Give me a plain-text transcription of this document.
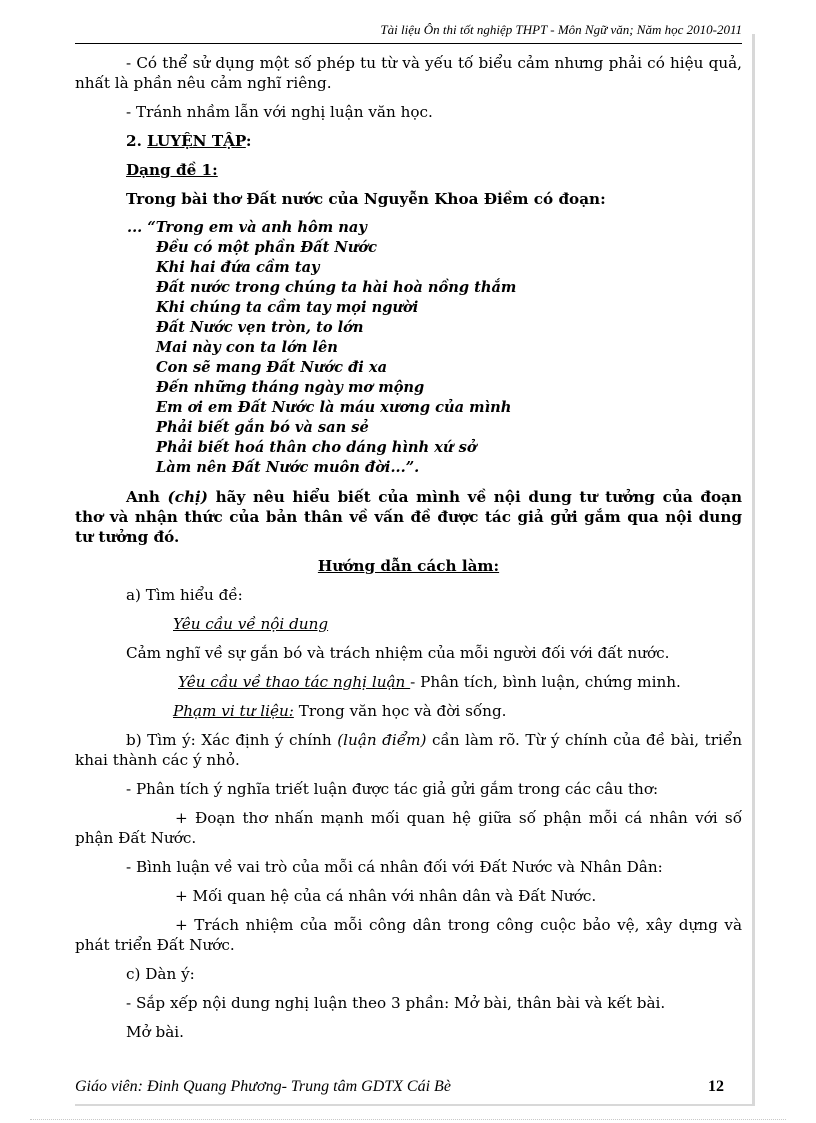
Tài liệu Ôn thi tốt nghiệp THPT - Môn Ngữ văn; Năm học 2010-2011

- Có thể sử dụng một số phép tu từ và yếu tố biểu cảm nhưng phải có hiệu quả, nhất là phần nêu cảm nghĩ riêng.

- Tránh nhầm lẫn với nghị luận văn học.

2. LUYỆN TẬP:

Dạng đề 1:

Trong bài thơ Đất nước của Nguyễn Khoa Điềm có đoạn:

... “Trong em và anh hôm nay
Đều có một phần Đất Nước
Khi hai đứa cầm tay
Đất nước trong chúng ta hài hoà nồng thắm
Khi chúng ta cầm tay mọi người
Đất Nước vẹn tròn, to lớn
Mai này con ta lớn lên
Con sẽ mang Đất Nước đi xa
Đến những tháng ngày mơ mộng
Em ơi em Đất Nước là máu xương của mình
Phải biết gắn bó và san sẻ
Phải biết hoá thân cho dáng hình xứ sở
Làm nên Đất Nước muôn đời...”.

Anh (chị) hãy nêu hiểu biết của mình về nội dung tư tưởng của đoạn thơ và nhận thức của bản thân về vấn đề được tác giả gửi gắm qua nội dung tư tưởng đó.

Hướng dẫn cách làm:

a) Tìm hiểu đề:

Yêu cầu về nội dung

Cảm nghĩ về sự gắn bó và trách nhiệm của mỗi người đối với đất nước.

Yêu cầu về thao tác nghị luận - Phân tích, bình luận, chứng minh.

Phạm vi tư liệu: Trong văn học và đời sống.

b) Tìm ý: Xác định ý chính (luận điểm) cần làm rõ. Từ ý chính của đề bài, triển khai thành các ý nhỏ.

- Phân tích ý nghĩa triết luận được tác giả gửi gắm trong các câu thơ:

+ Đoạn thơ nhấn mạnh mối quan hệ giữa số phận mỗi cá nhân với số phận Đất Nước.

- Bình luận về vai trò của mỗi cá nhân đối với Đất Nước và Nhân Dân:

+ Mối quan hệ của cá nhân với nhân dân và Đất Nước.

+ Trách nhiệm của mỗi công dân trong công cuộc bảo vệ, xây dựng và phát triển Đất Nước.

c) Dàn ý:

- Sắp xếp nội dung nghị luận theo 3 phần: Mở bài, thân bài và kết bài.

Mở bài.

Giáo viên: Đinh Quang Phương- Trung tâm GDTX Cái Bè	12
